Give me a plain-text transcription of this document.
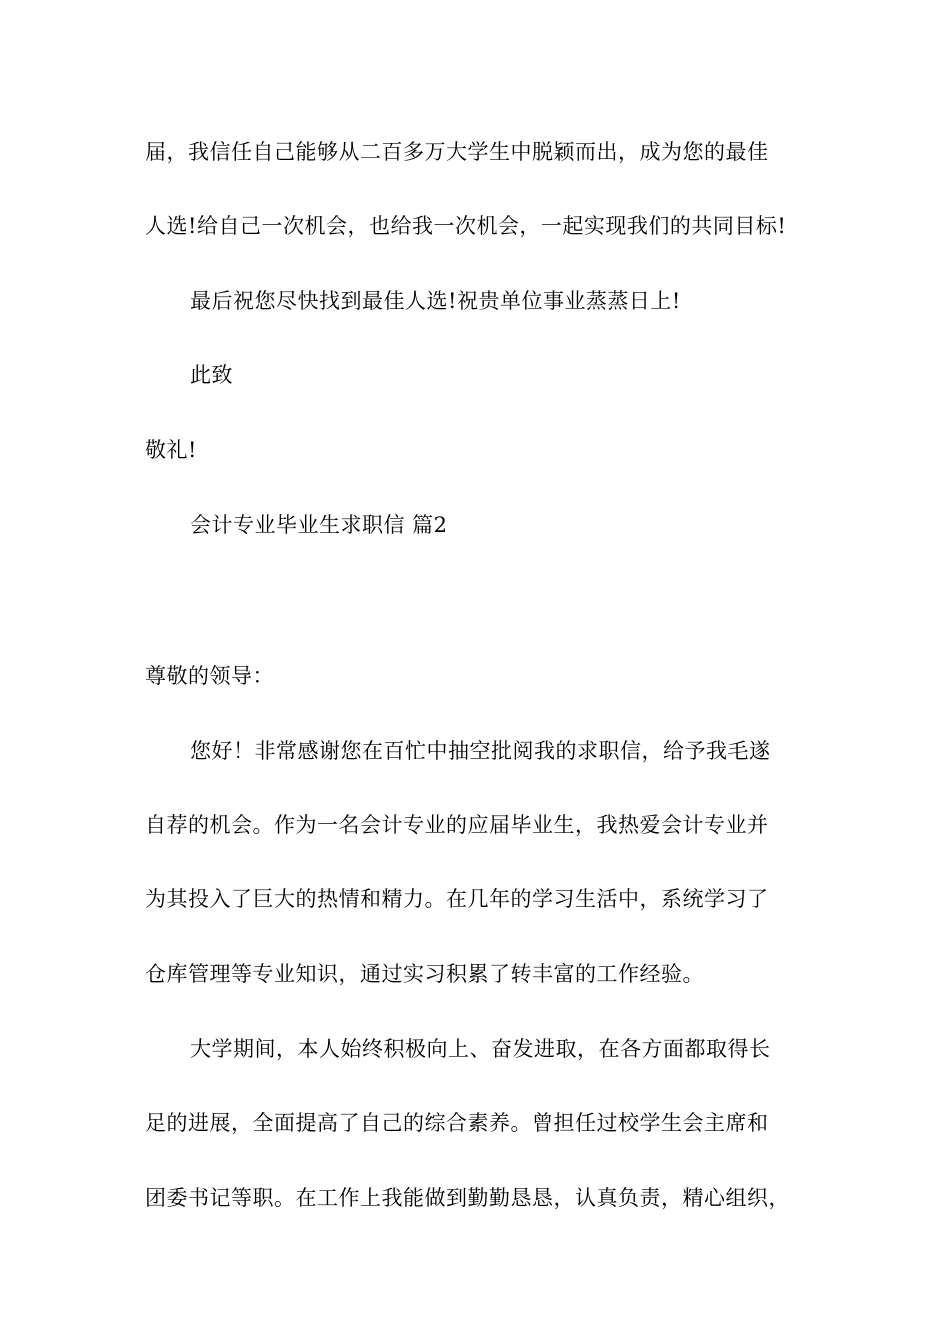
届，我信任自己能够从二百多万大学生中脱颖而出，成为您的最佳
人选!给自己一次机会，也给我一次机会，一起实现我们的共同目标!
最后祝您尽快找到最佳人选!祝贵单位事业蒸蒸日上!
此致
敬礼!
会计专业毕业生求职信 篇2
尊敬的领导：
您好！非常感谢您在百忙中抽空批阅我的求职信，给予我毛遂
自荐的机会。作为一名会计专业的应届毕业生，我热爱会计专业并
为其投入了巨大的热情和精力。在几年的学习生活中，系统学习了
仓库管理等专业知识，通过实习积累了转丰富的工作经验。
大学期间，本人始终积极向上、奋发进取，在各方面都取得长
足的进展，全面提高了自己的综合素养。曾担任过校学生会主席和
团委书记等职。在工作上我能做到勤勤恳恳，认真负责，精心组织，
